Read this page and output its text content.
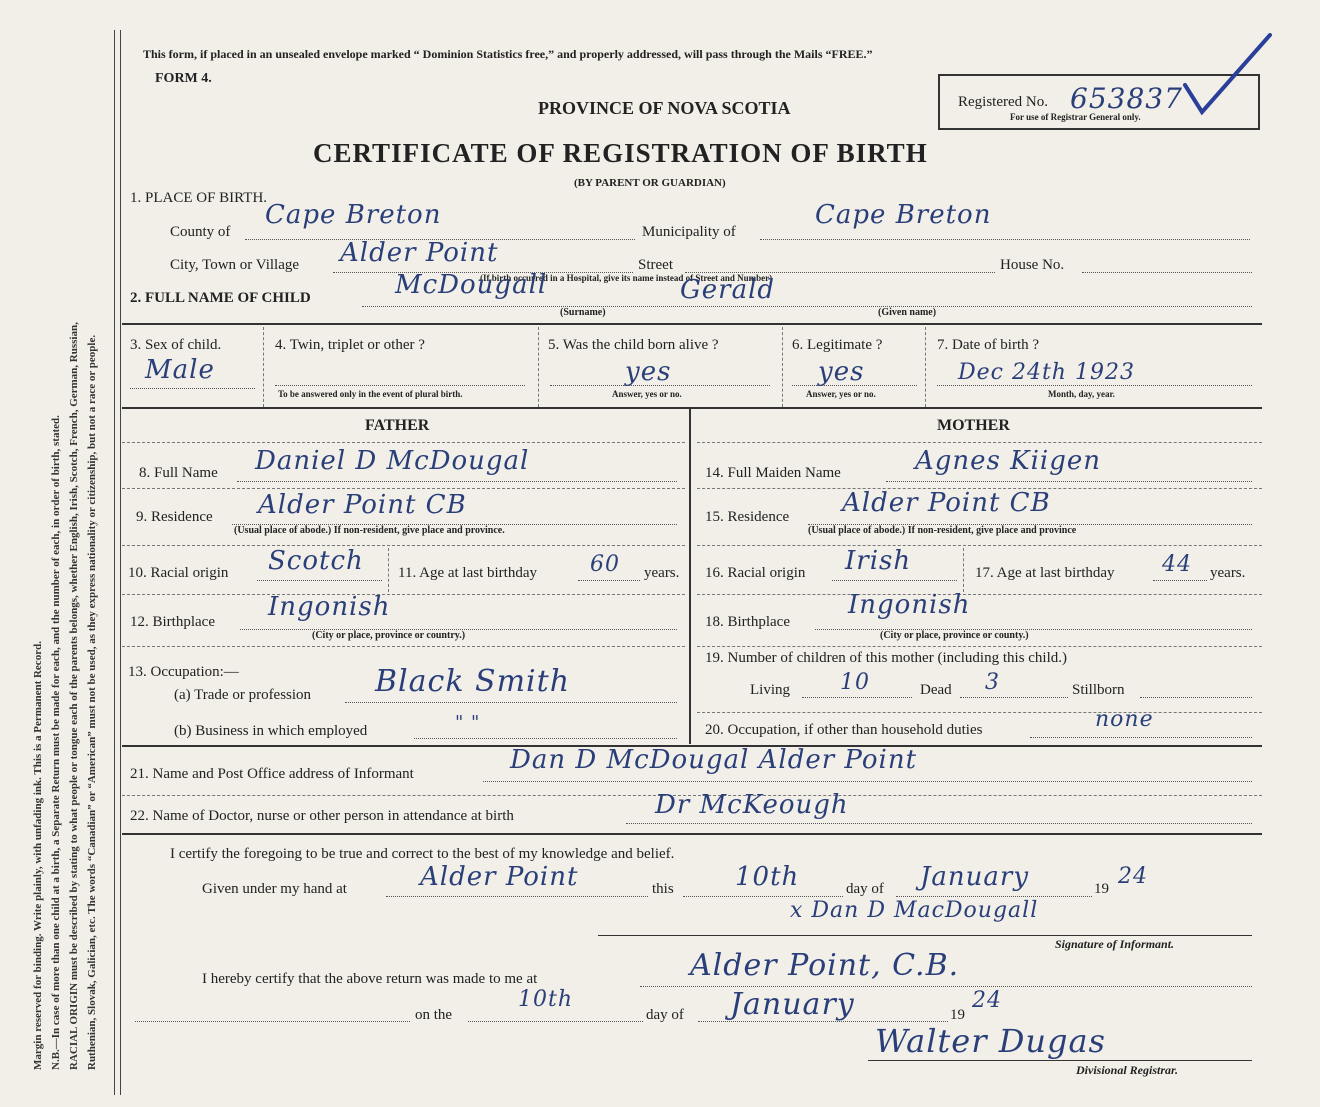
Margin reserved for binding. Write plainly, with unfading ink. This is a Permanent Record. N.B.—In case of more than one child at a birth, a Separate Return must be made for each, and the number of each, in order of birth, stated. RACIAL ORIGIN must be described by stating to what people or tongue each of the parents belongs, whether English, Irish, Scotch, French, German, Russian, Ruthenian, Slovak, Galician, etc. The words “Canadian” or “American” must not be used, as they express nationality or citizenship, but not a race or people.
This form, if placed in an unsealed envelope marked “ Dominion Statistics free,” and properly addressed, will pass through the Mails “FREE.”
FORM 4.
PROVINCE OF NOVA SCOTIA
CERTIFICATE OF REGISTRATION OF BIRTH
(BY PARENT OR GUARDIAN)
Registered No. 653837
For use of Registrar General only.
1. PLACE OF BIRTH.
County of
Cape Breton
Municipality of
Cape Breton
City, Town or Village Alder Point	Street	House No.
(If birth occurred in a Hospital, give its name instead of Street and Number)
2. FULL NAME OF CHILD	McDougall	Gerald
(Surname)	(Given name)
3. Sex of child.
Male
4. Twin, triplet or other ?
To be answered only in the event of plural birth.
5. Was the child born alive ?
yes
Answer, yes or no.
6. Legitimate ?
yes
Answer, yes or no.
7. Date of birth ?
Dec 24th 1923
Month, day, year.
FATHER	MOTHER
8. Full Name Daniel D McDougal
9. Residence Alder Point CB
(Usual place of abode.) If non-resident, give place and province.
10. Racial origin Scotch 11. Age at last birthday 60 years.
12. Birthplace Ingonish
(City or place, province or country.)
13. Occupation:—
(a) Trade or profession Black Smith
(b) Business in which employed	" "
14. Full Maiden Name	Agnes Kiigen
15. Residence Alder Point CB
(Usual place of abode.) If non-resident, give place and province
16. Racial origin Irish	17. Age at last birthday 44 years.
18. Birthplace
Ingonish
(City or place, province or county.)
19. Number of children of this mother (including this child.)
Living 10	Dead 3	Stillborn
20. Occupation, if other than household duties	none
21. Name and Post Office address of Informant	Dan D McDougal Alder Point
22. Name of Doctor, nurse or other person in attendance at birth	Dr McKeough
I certify the foregoing to be true and correct to the best of my knowledge and belief.
Given under my hand at	Alder Point	this 10th	day of January	19 24
x Dan D MacDougall
Signature of Informant.
I hereby certify that the above return was made to me at	Alder Point, C.B.
on the
10th
day of January	19
24
Walter Dugas
Divisional Registrar.
